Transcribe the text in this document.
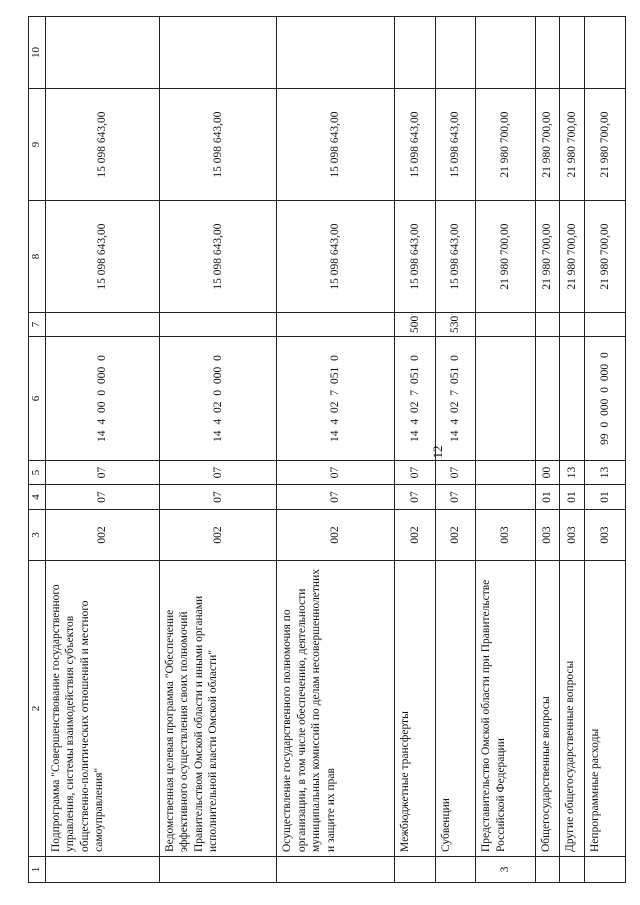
12
1	2	3	4	5	6	7	8	9	10
	Подпрограмма "Совершенствование государственного управления, системы взаимодействия субъектов общественно-политических отношений и местного самоуправления"	002	07	07	14 4 00 0 000 0		15 098 643,00	15 098 643,00	
	Ведомственная целевая программа "Обеспечение эффективного осуществления своих полномочий Правительством Омской области и иными органами исполнительной власти Омской области"	002	07	07	14 4 02 0 000 0		15 098 643,00	15 098 643,00	
	Осуществление государственного полномочия по организации, в том числе обеспечению, деятельности муниципальных комиссий по делам несовершеннолетних и защите их прав	002	07	07	14 4 02 7 051 0		15 098 643,00	15 098 643,00	
	Межбюджетные трансферты	002	07	07	14 4 02 7 051 0	500	15 098 643,00	15 098 643,00	
	Субвенции	002	07	07	14 4 02 7 051 0	530	15 098 643,00	15 098 643,00	
3	Представительство Омской области при Правительстве Российской Федерации	003					21 980 700,00	21 980 700,00	
	Общегосударственные вопросы	003	01	00			21 980 700,00	21 980 700,00	
	Другие общегосударственные вопросы	003	01	13			21 980 700,00	21 980 700,00	
	Непрограммные расходы	003	01	13	99 0 000 0 000 0		21 980 700,00	21 980 700,00	
